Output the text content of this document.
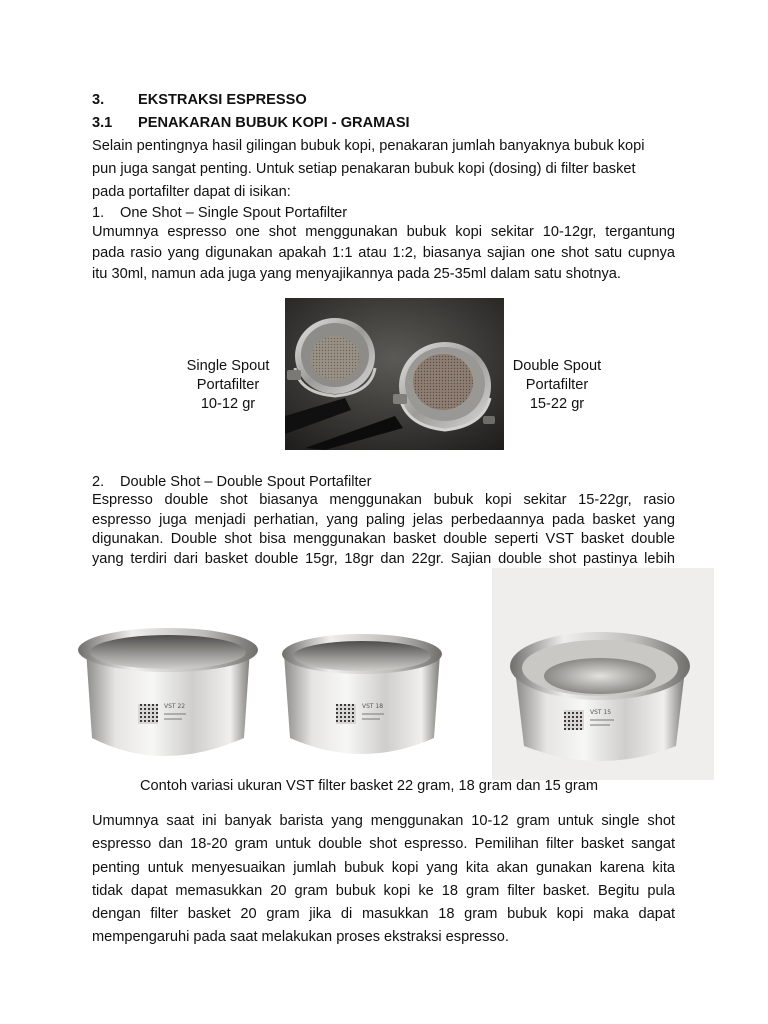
3. EKSTRAKSI ESPRESSO
3.1 PENAKARAN BUBUK KOPI - GRAMASI
Selain pentingnya hasil gilingan bubuk kopi, penakaran jumlah banyaknya bubuk kopi
pun juga sangat penting. Untuk setiap penakaran bubuk kopi (dosing) di filter basket
pada portafilter dapat di isikan:
1. One Shot – Single Spout Portafilter
Umumnya espresso one shot menggunakan bubuk kopi sekitar 10-12gr, tergantung
pada rasio yang digunakan apakah 1:1 atau 1:2, biasanya sajian one shot satu cupnya
itu 30ml, namun ada juga yang menyajikannya pada 25-35ml dalam satu shotnya.
Single Spout
Portafilter
10-12 gr
Double Spout
Portafilter
15-22 gr
2. Double Shot – Double Spout Portafilter
Espresso double shot biasanya menggunakan bubuk kopi sekitar 15-22gr, rasio
espresso juga menjadi perhatian, yang paling jelas perbedaannya pada basket yang
digunakan. Double shot bisa menggunakan basket double seperti VST basket double
yang terdiri dari basket double 15gr, 18gr dan 22gr. Sajian double shot pastinya lebih
VST 22	VST 18
VST 15
Contoh variasi ukuran VST filter basket 22 gram, 18 gram dan 15 gram
Umumnya saat ini banyak barista yang menggunakan 10-12 gram untuk single shot
espresso dan 18-20 gram untuk double shot espresso. Pemilihan filter basket sangat
penting untuk menyesuaikan jumlah bubuk kopi yang kita akan gunakan karena kita
tidak dapat memasukkan 20 gram bubuk kopi ke 18 gram filter basket. Begitu pula
dengan filter basket 20 gram jika di masukkan 18 gram bubuk kopi maka dapat
mempengaruhi pada saat melakukan proses ekstraksi espresso.
